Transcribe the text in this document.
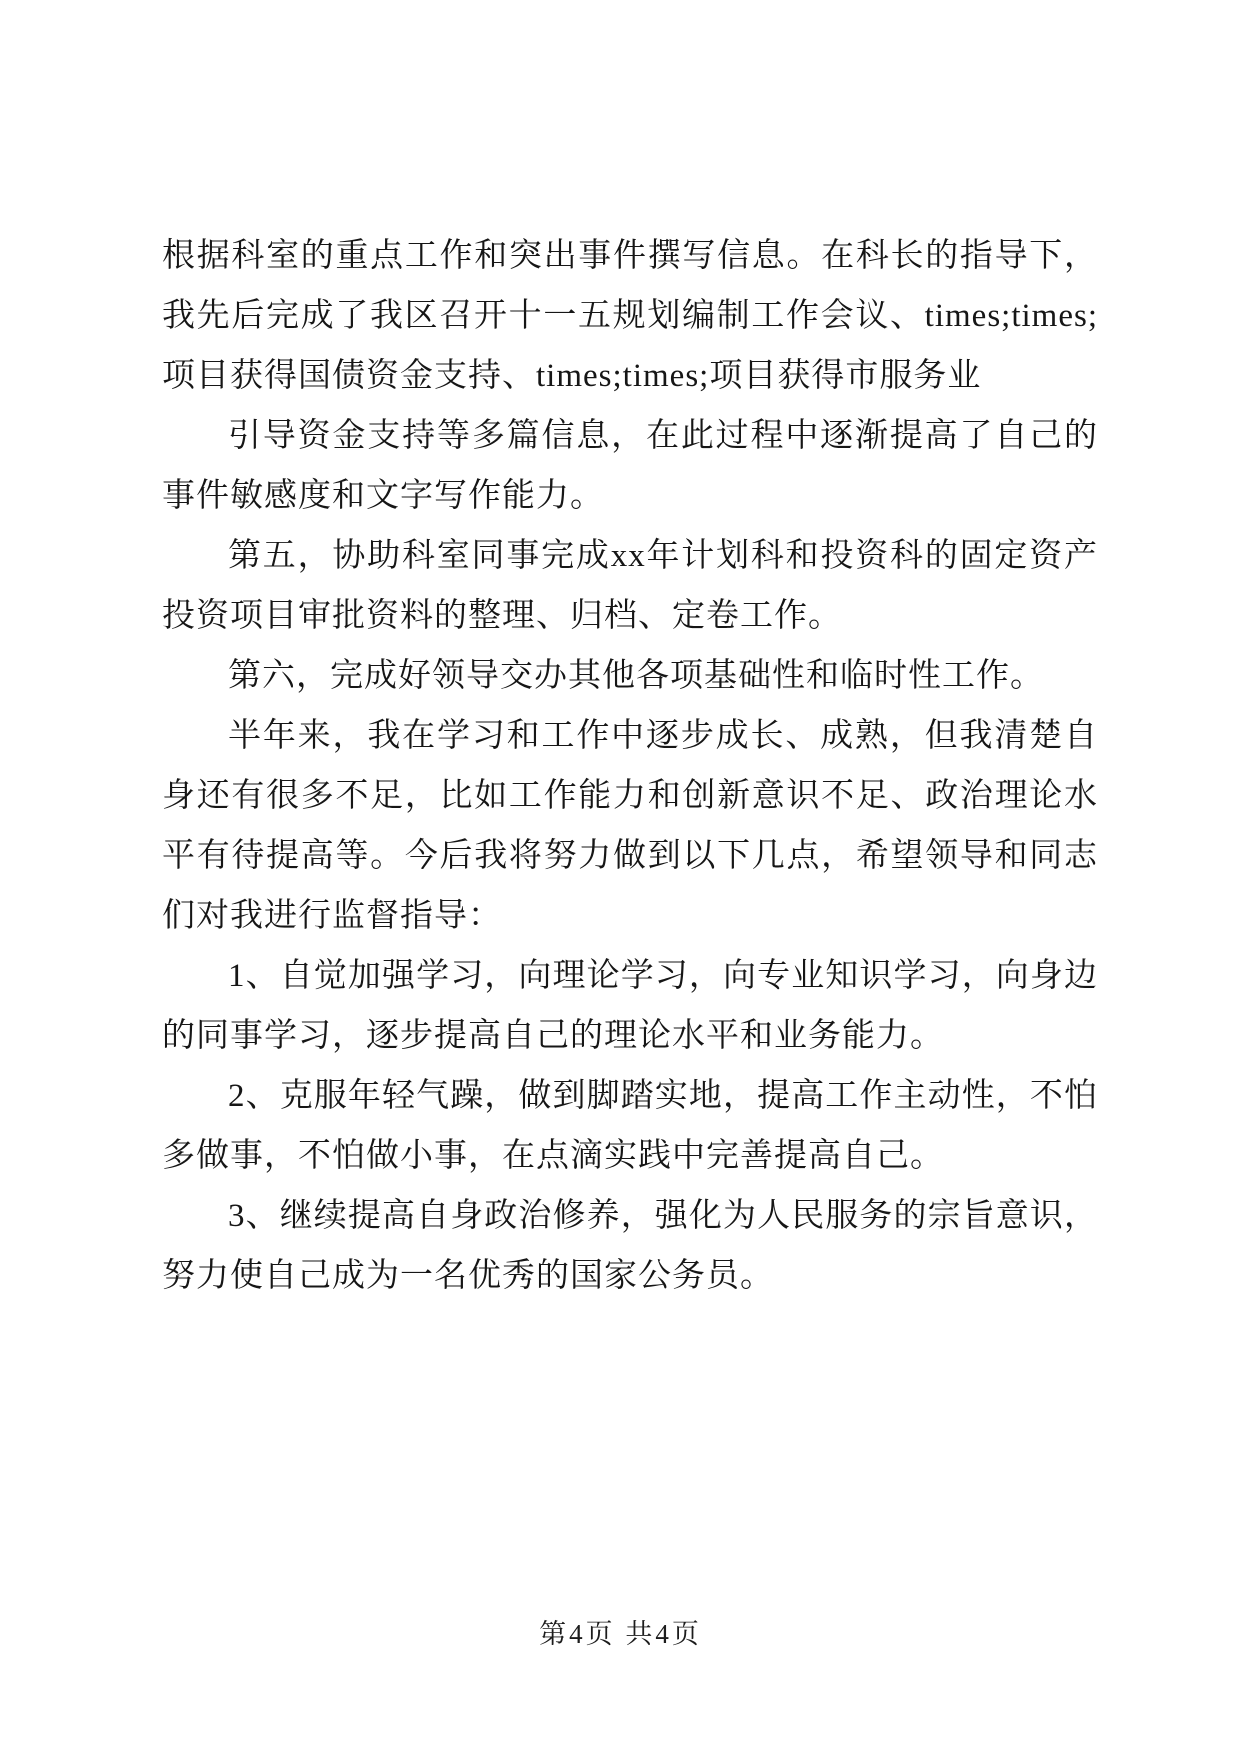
根据科室的重点工作和突出事件撰写信息。在科长的指导下，我先后完成了我区召开十一五规划编制工作会议、times;times;项目获得国债资金支持、times;times;项目获得市服务业

引导资金支持等多篇信息，在此过程中逐渐提高了自己的事件敏感度和文字写作能力。

第五，协助科室同事完成xx年计划科和投资科的固定资产投资项目审批资料的整理、归档、定卷工作。

第六，完成好领导交办其他各项基础性和临时性工作。

半年来，我在学习和工作中逐步成长、成熟，但我清楚自身还有很多不足，比如工作能力和创新意识不足、政治理论水平有待提高等。今后我将努力做到以下几点，希望领导和同志们对我进行监督指导：

1、自觉加强学习，向理论学习，向专业知识学习，向身边的同事学习，逐步提高自己的理论水平和业务能力。

2、克服年轻气躁，做到脚踏实地，提高工作主动性，不怕多做事，不怕做小事，在点滴实践中完善提高自己。

3、继续提高自身政治修养，强化为人民服务的宗旨意识，努力使自己成为一名优秀的国家公务员。

第4页 共4页
